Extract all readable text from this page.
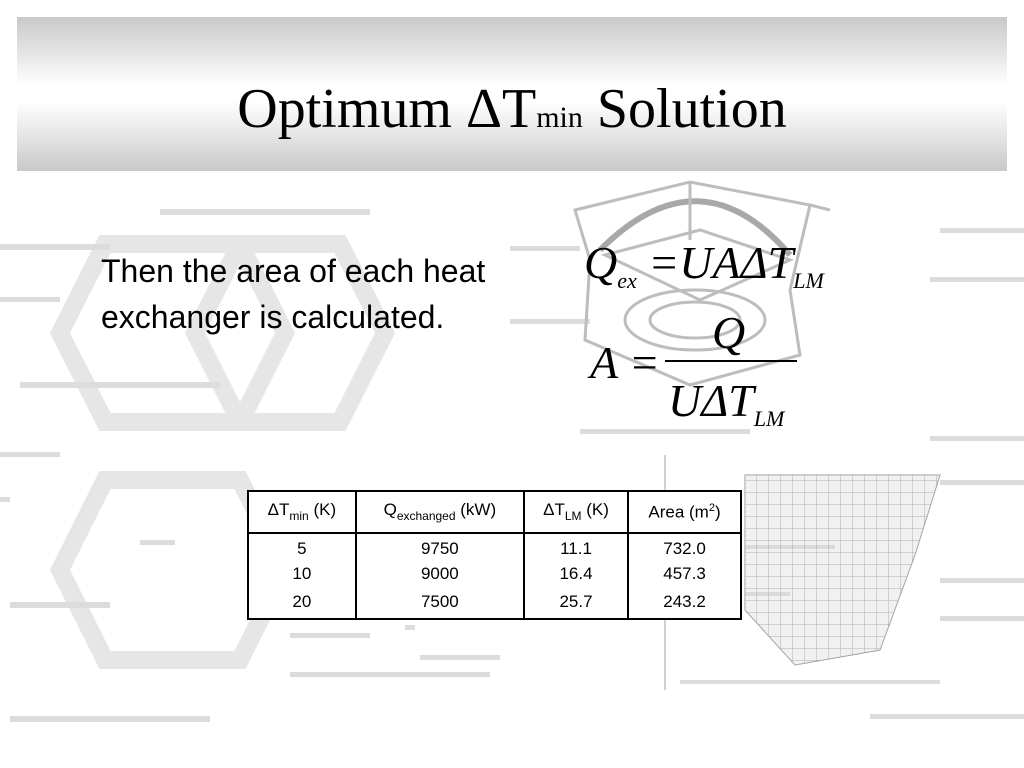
Optimum ΔTmin Solution
Then the area of each heat exchanger is calculated.
$Q_{ex} =UA\Delta T_{LM}$
A =
Q
$U\Delta T_{LM}$
$\Delta T_{min}$ (K)	$Q_{exchanged}$ (kW)	$\Delta T_{LM}$ (K)	Area $(m^2)$
5	9750	11.1	732.0
10	9000	16.4	457.3
20	7500	25.7	243.2
